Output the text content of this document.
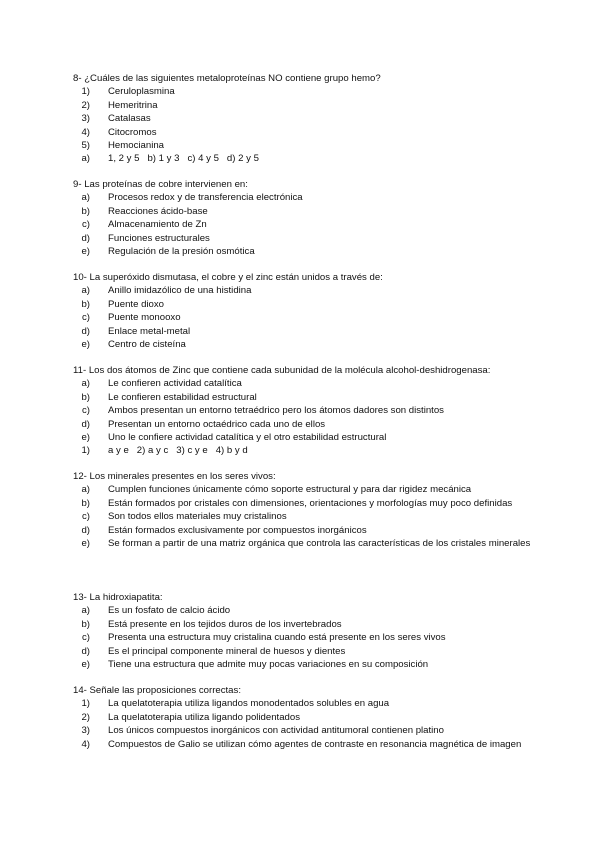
8- ¿Cuáles de las siguientes metaloproteínas NO contiene grupo hemo?

1)	Ceruloplasmina
2)	Hemeritrina
3)	Catalasas
4)	Citocromos
5)	Hemocianina
a)	1, 2 y 5   b) 1 y 3   c) 4 y 5   d) 2 y 5

9- Las proteínas de cobre intervienen en:

a)	Procesos redox y de transferencia electrónica
b)	Reacciones ácido-base
c)	Almacenamiento de Zn
d)	Funciones estructurales
e)	Regulación de la presión osmótica

10- La superóxido dismutasa, el cobre y el zinc están unidos a través de:

a)	Anillo imidazólico de una histidina
b)	Puente dioxo
c)	Puente monooxo
d)	Enlace metal-metal
e)	Centro de cisteína

11- Los dos átomos de Zinc que contiene cada subunidad de la molécula alcohol-deshidrogenasa:

a)	Le confieren actividad catalítica
b)	Le confieren estabilidad estructural
c)	Ambos presentan un entorno tetraédrico pero los átomos dadores son distintos
d)	Presentan un entorno octaédrico cada uno de ellos
e)	Uno le confiere actividad catalítica y el otro estabilidad estructural
1)	a y e   2) a y c   3) c y e   4) b y d

12- Los minerales presentes en los seres vivos:

a)	Cumplen funciones únicamente cómo soporte estructural y para dar rigidez mecánica
b)	Están formados por cristales con dimensiones, orientaciones y morfologías muy poco definidas
c)	Son todos ellos materiales muy cristalinos
d)	Están formados exclusivamente por compuestos inorgánicos
e)	Se forman a partir de una matriz orgánica que controla las características de los cristales minerales

13- La hidroxiapatita:

a)	Es un fosfato de calcio ácido
b)	Está presente en los tejidos duros de los invertebrados
c)	Presenta una estructura muy cristalina cuando está presente en los seres vivos
d)	Es el principal componente mineral de huesos y dientes
e)	Tiene una estructura que admite muy pocas variaciones en su composición

14- Señale las proposiciones correctas:

1)	La quelatoterapia utiliza ligandos monodentados solubles en agua
2)	La quelatoterapia utiliza ligando polidentados
3)	Los únicos compuestos inorgánicos con actividad antitumoral contienen platino
4)	Compuestos de Galio se utilizan cómo agentes de contraste en resonancia magnética de imagen
